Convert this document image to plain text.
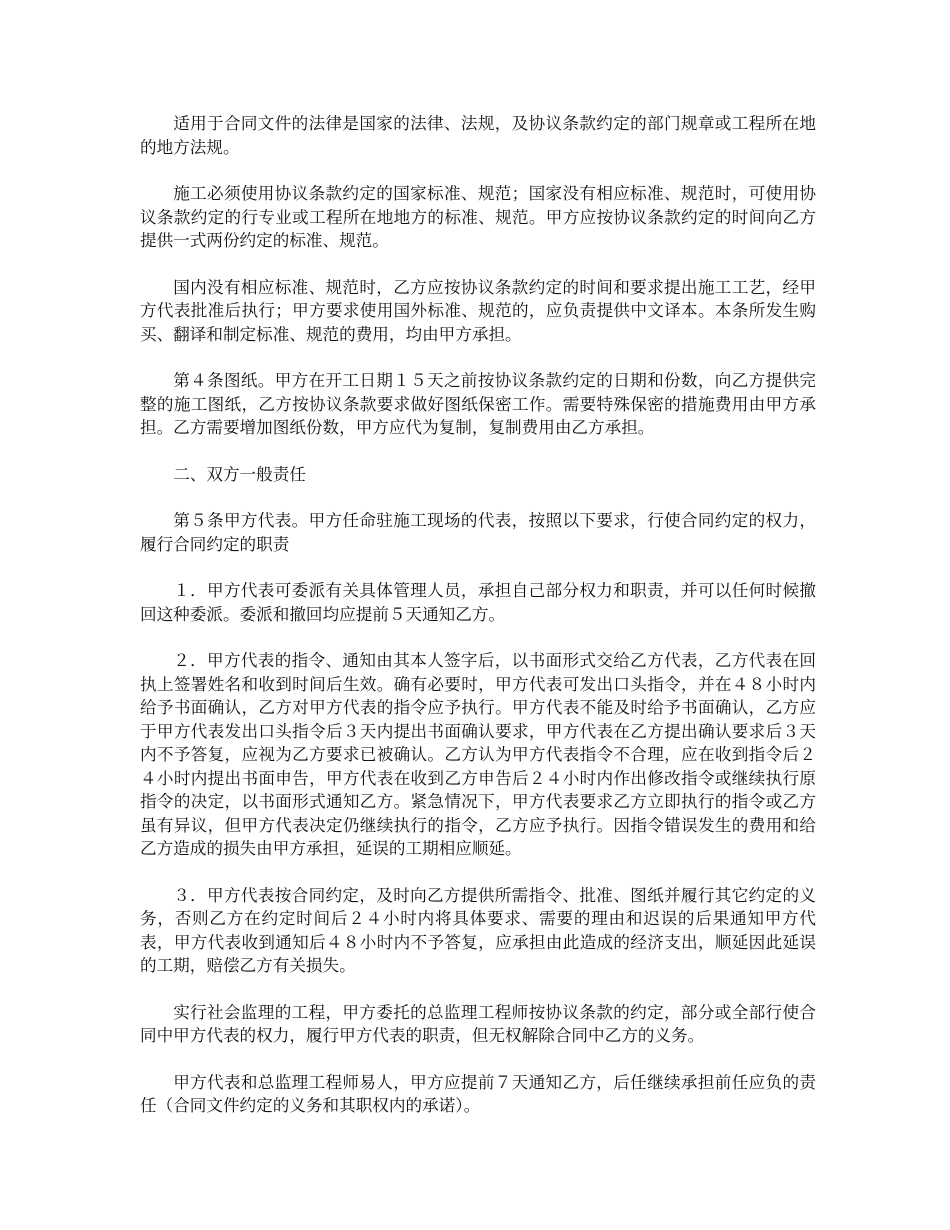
适用于合同文件的法律是国家的法律、法规，及协议条款约定的部门规章或工程所在地的地方法规。

施工必须使用协议条款约定的国家标准、规范；国家没有相应标准、规范时，可使用协议条款约定的行专业或工程所在地地方的标准、规范。甲方应按协议条款约定的时间向乙方提供一式两份约定的标准、规范。

国内没有相应标准、规范时，乙方应按协议条款约定的时间和要求提出施工工艺，经甲方代表批准后执行；甲方要求使用国外标准、规范的，应负责提供中文译本。本条所发生购买、翻译和制定标准、规范的费用，均由甲方承担。

第４条图纸。甲方在开工日期１５天之前按协议条款约定的日期和份数，向乙方提供完整的施工图纸，乙方按协议条款要求做好图纸保密工作。需要特殊保密的措施费用由甲方承担。乙方需要增加图纸份数，甲方应代为复制，复制费用由乙方承担。

二、双方一般责任

第５条甲方代表。甲方任命驻施工现场的代表，按照以下要求，行使合同约定的权力，履行合同约定的职责

１．甲方代表可委派有关具体管理人员，承担自己部分权力和职责，并可以任何时候撤回这种委派。委派和撤回均应提前５天通知乙方。

２．甲方代表的指令、通知由其本人签字后，以书面形式交给乙方代表，乙方代表在回执上签署姓名和收到时间后生效。确有必要时，甲方代表可发出口头指令，并在４８小时内给予书面确认，乙方对甲方代表的指令应予执行。甲方代表不能及时给予书面确认，乙方应于甲方代表发出口头指令后３天内提出书面确认要求，甲方代表在乙方提出确认要求后３天内不予答复，应视为乙方要求已被确认。乙方认为甲方代表指令不合理，应在收到指令后２４小时内提出书面申告，甲方代表在收到乙方申告后２４小时内作出修改指令或继续执行原指令的决定，以书面形式通知乙方。紧急情况下，甲方代表要求乙方立即执行的指令或乙方虽有异议，但甲方代表决定仍继续执行的指令，乙方应予执行。因指令错误发生的费用和给乙方造成的损失由甲方承担，延误的工期相应顺延。

３．甲方代表按合同约定，及时向乙方提供所需指令、批准、图纸并履行其它约定的义务，否则乙方在约定时间后２４小时内将具体要求、需要的理由和迟误的后果通知甲方代表，甲方代表收到通知后４８小时内不予答复，应承担由此造成的经济支出，顺延因此延误的工期，赔偿乙方有关损失。

实行社会监理的工程，甲方委托的总监理工程师按协议条款的约定，部分或全部行使合同中甲方代表的权力，履行甲方代表的职责，但无权解除合同中乙方的义务。

甲方代表和总监理工程师易人，甲方应提前７天通知乙方，后任继续承担前任应负的责任（合同文件约定的义务和其职权内的承诺）。
